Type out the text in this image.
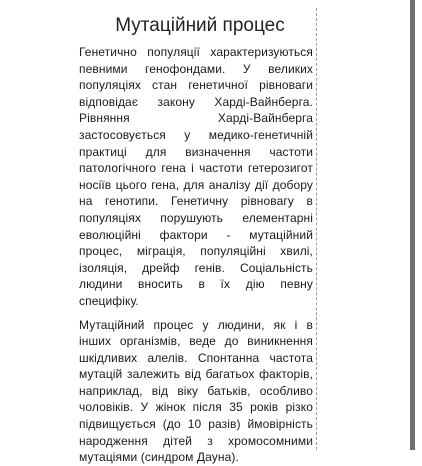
Мутаційний процес

Генетично популяції характеризуються певними генофондами. У великих популяціях стан генетичної рівноваги відповідає закону Харді-Вайнберга. Рівняння Харді-Вайнберга застосовується у медико-генетичній практиці для визначення частоти патологічного гена і частоти гетерозигот носіїв цього гена, для аналізу дії добору на генотипи. Генетичну рівновагу в популяціях порушують елементарні еволюційні фактори - мутаційний процес, міграція, популяційні хвилі, ізоляція, дрейф генів. Соціальність людини вносить в їх дію певну специфіку.

Мутаційний процес у людини, як і в інших організмів, веде до виникнення шкідливих алелів. Спонтанна частота мутацій залежить від багатьох факторів, наприклад, від віку батьків, особливо чоловіків. У жінок після 35 років різко підвищується (до 10 разів) ймовірність народження дітей з хромосомними мутаціями (синдром Дауна).
